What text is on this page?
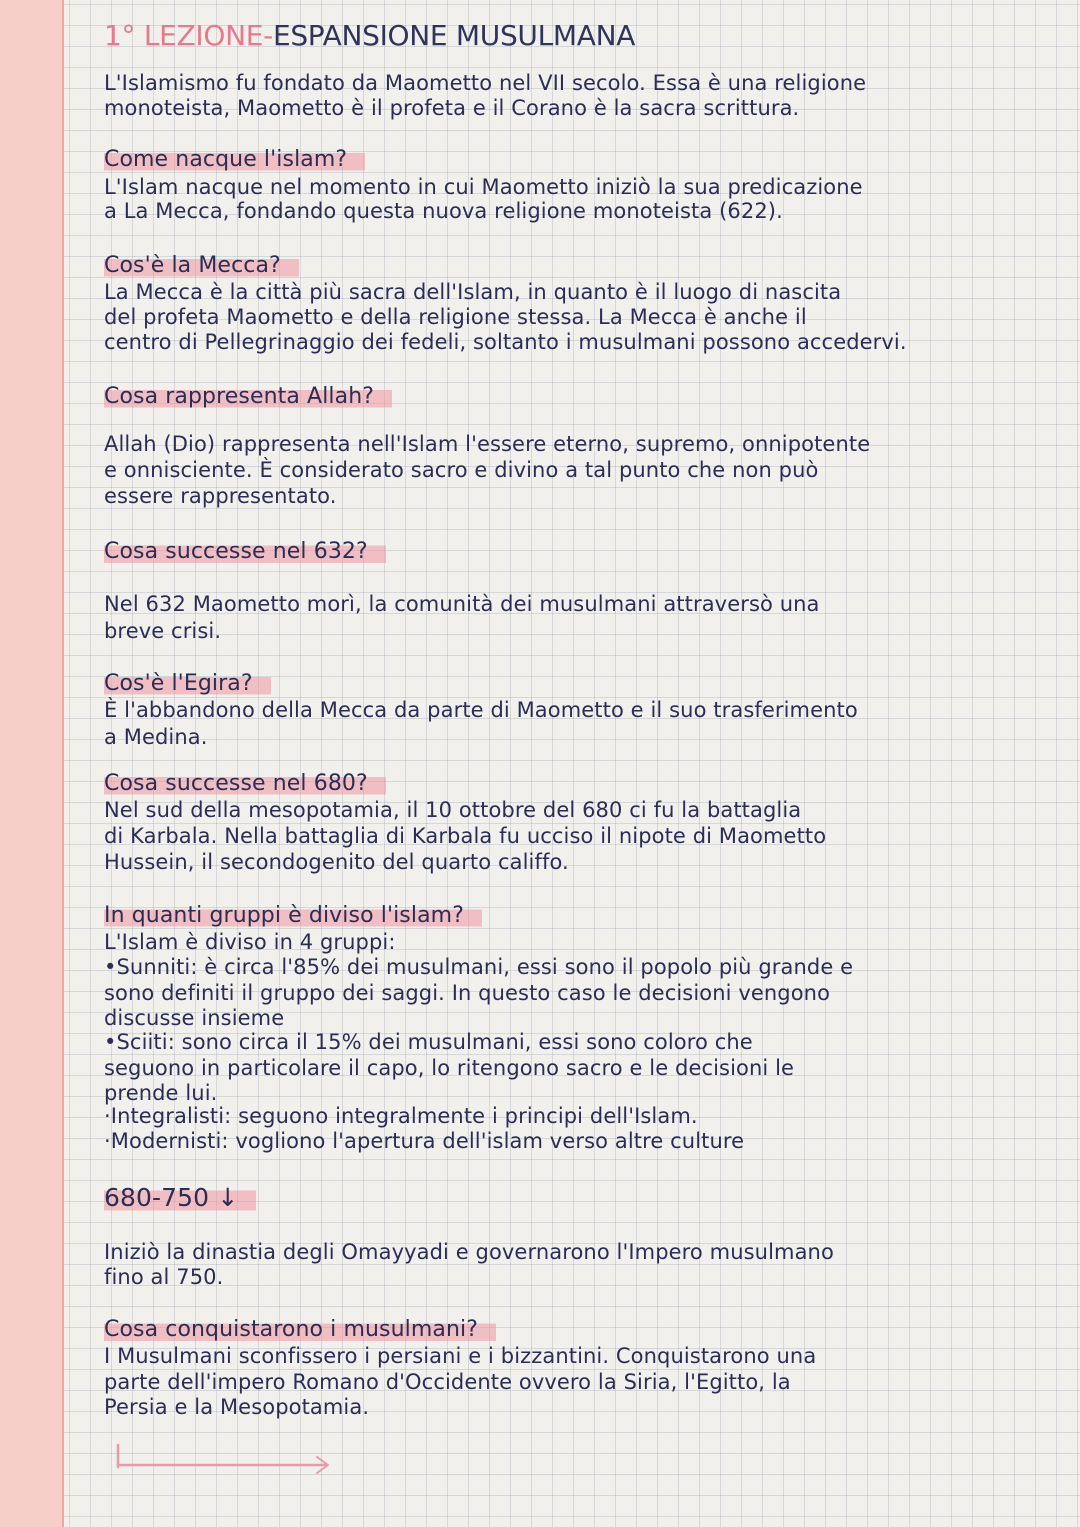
1° LEZIONE-ESPANSIONE MUSULMANA

L'Islamismo fu fondato da Maometto nel VII secolo. Essa è una religione

monoteista, Maometto è il profeta e il Corano è la sacra scrittura.

Come nacque l'islam?

L'Islam nacque nel momento in cui Maometto iniziò la sua predicazione

a La Mecca, fondando questa nuova religione monoteista (622).

Cos'è la Mecca?

La Mecca è la città più sacra dell'Islam, in quanto è il luogo di nascita

del profeta Maometto e della religione stessa. La Mecca è anche il

centro di Pellegrinaggio dei fedeli, soltanto i musulmani possono accedervi.

Cosa rappresenta Allah?

Allah (Dio) rappresenta nell'Islam l'essere eterno, supremo, onnipotente

e onnisciente. È considerato sacro e divino a tal punto che non può

essere rappresentato.

Cosa successe nel 632?

Nel 632 Maometto morì, la comunità dei musulmani attraversò una

breve crisi.

Cos'è l'Egira?

È l'abbandono della Mecca da parte di Maometto e il suo trasferimento

a Medina.

Cosa successe nel 680?

Nel sud della mesopotamia, il 10 ottobre del 680 ci fu la battaglia

di Karbala. Nella battaglia di Karbala fu ucciso il nipote di Maometto

Hussein, il secondogenito del quarto califfo.

In quanti gruppi è diviso l'islam?

L'Islam è diviso in 4 gruppi:

•Sunniti: è circa l'85% dei musulmani, essi sono il popolo più grande e

sono definiti il gruppo dei saggi. In questo caso le decisioni vengono

discusse insieme

•Sciiti: sono circa il 15% dei musulmani, essi sono coloro che

seguono in particolare il capo, lo ritengono sacro e le decisioni le

prende lui.

·Integralisti: seguono integralmente i principi dell'Islam.

·Modernisti: vogliono l'apertura dell'islam verso altre culture

680-750 ↓

Iniziò la dinastia degli Omayyadi e governarono l'Impero musulmano

fino al 750.

Cosa conquistarono i musulmani?

I Musulmani sconfissero i persiani e i bizzantini. Conquistarono una

parte dell'impero Romano d'Occidente ovvero la Siria, l'Egitto, la

Persia e la Mesopotamia.
